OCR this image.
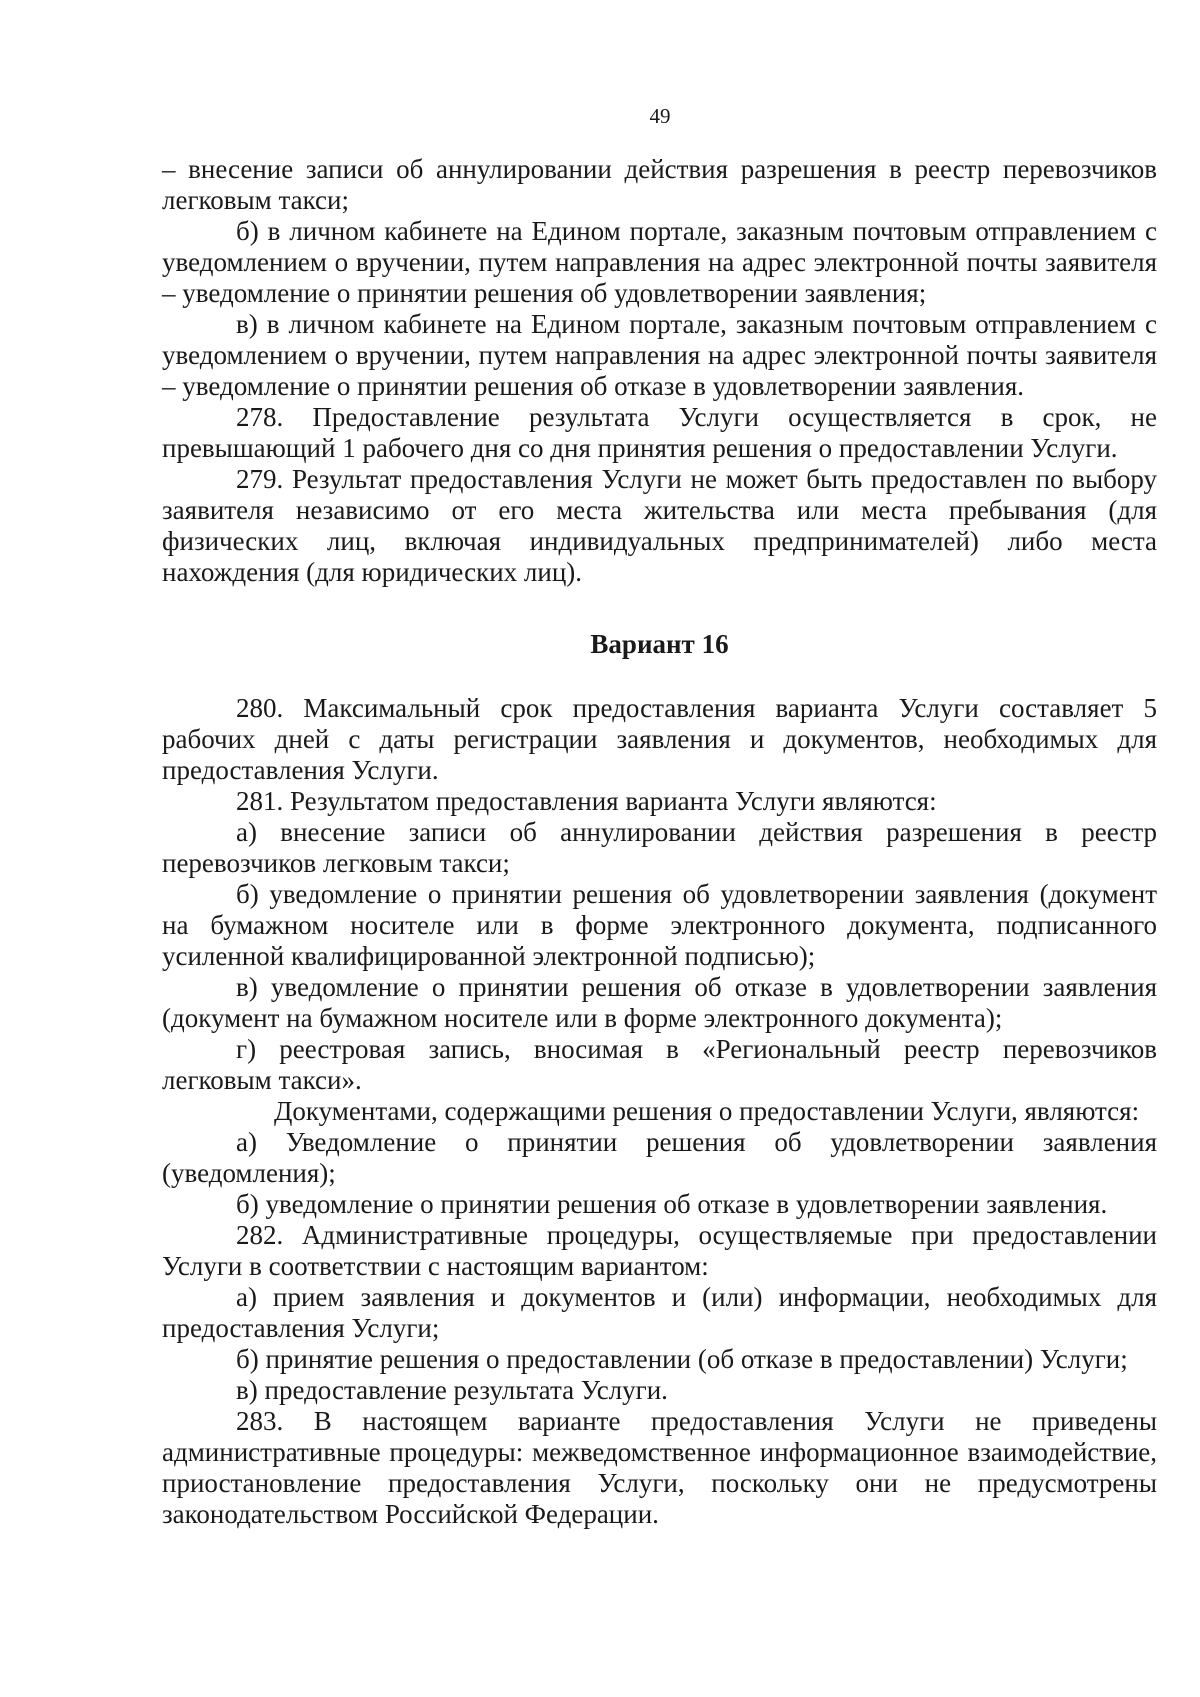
49

– внесение записи об аннулировании действия разрешения в реестр перевозчиков легковым такси;

б) в личном кабинете на Едином портале, заказным почтовым отправлением с уведомлением о вручении, путем направления на адрес электронной почты заявителя – уведомление о принятии решения об удовлетворении заявления;

в) в личном кабинете на Едином портале, заказным почтовым отправлением с уведомлением о вручении, путем направления на адрес электронной почты заявителя – уведомление о принятии решения об отказе в удовлетворении заявления.

278. Предоставление результата Услуги осуществляется в срок, не превышающий 1 рабочего дня со дня принятия решения о предоставлении Услуги.

279. Результат предоставления Услуги не может быть предоставлен по выбору заявителя независимо от его места жительства или места пребывания (для физических лиц, включая индивидуальных предпринимателей) либо места нахождения (для юридических лиц).

Вариант 16

280. Максимальный срок предоставления варианта Услуги составляет 5 рабочих дней с даты регистрации заявления и документов, необходимых для предоставления Услуги.

281. Результатом предоставления варианта Услуги являются:

а) внесение записи об аннулировании действия разрешения в реестр перевозчиков легковым такси;

б) уведомление о принятии решения об удовлетворении заявления (документ на бумажном носителе или в форме электронного документа, подписанного усиленной квалифицированной электронной подписью);

в) уведомление о принятии решения об отказе в удовлетворении заявления (документ на бумажном носителе или в форме электронного документа);

г) реестровая запись, вносимая в «Региональный реестр перевозчиков легковым такси».

Документами, содержащими решения о предоставлении Услуги, являются:

а) Уведомление о принятии решения об удовлетворении заявления (уведомления);

б) уведомление о принятии решения об отказе в удовлетворении заявления.

282. Административные процедуры, осуществляемые при предоставлении Услуги в соответствии с настоящим вариантом:

а) прием заявления и документов и (или) информации, необходимых для предоставления Услуги;

б) принятие решения о предоставлении (об отказе в предоставлении) Услуги;

в) предоставление результата Услуги.

283. В настоящем варианте предоставления Услуги не приведены административные процедуры: межведомственное информационное взаимодействие, приостановление предоставления Услуги, поскольку они не предусмотрены законодательством Российской Федерации.
